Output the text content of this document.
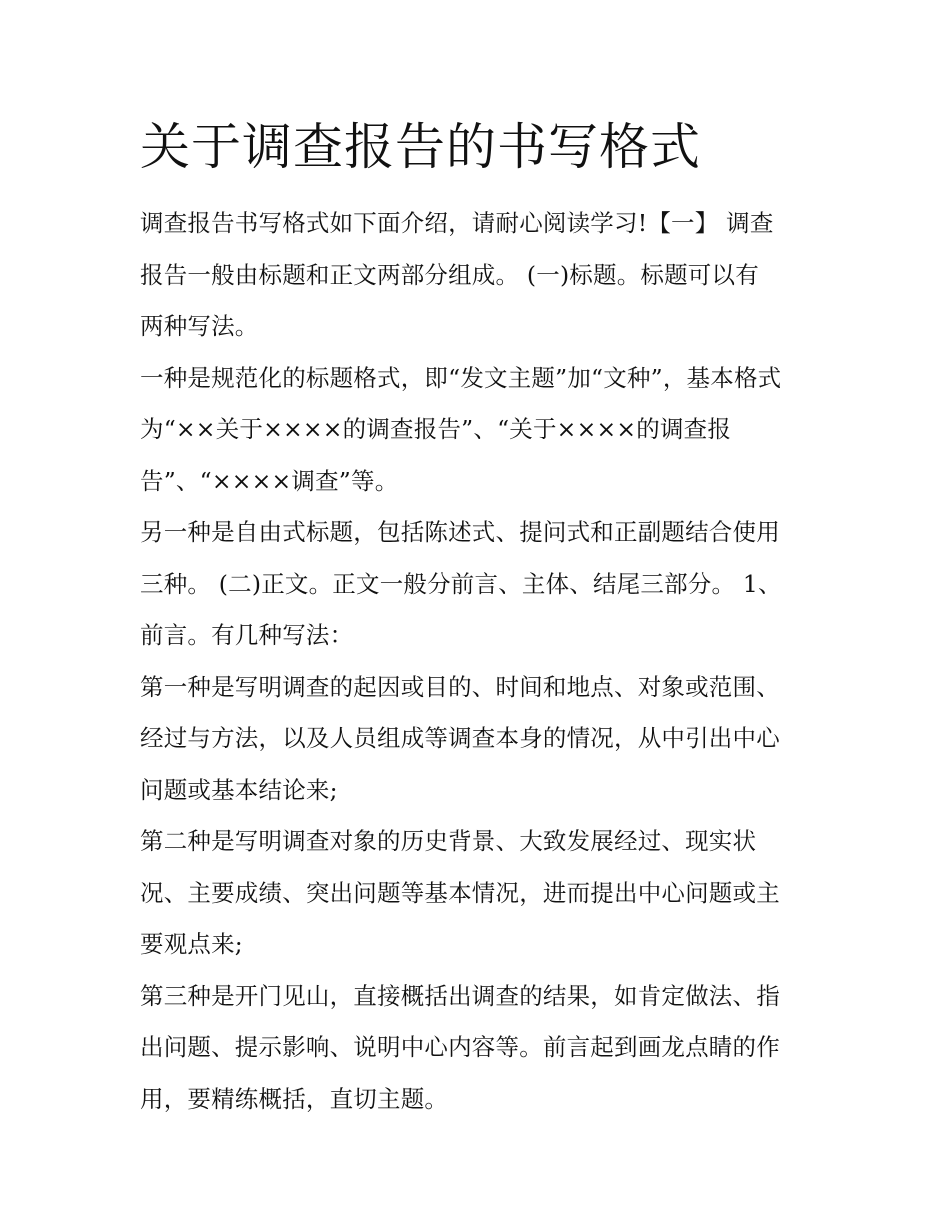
关于调查报告的书写格式
调查报告书写格式如下面介绍，请耐心阅读学习!【一】 调查
报告一般由标题和正文两部分组成。 (一)标题。标题可以有
两种写法。
一种是规范化的标题格式，即“发文主题”加“文种”，基本格式
为“××关于××××的调查报告”、“关于××××的调查报
告”、“××××调查”等。
另一种是自由式标题，包括陈述式、提问式和正副题结合使用
三种。 (二)正文。正文一般分前言、主体、结尾三部分。 1、
前言。有几种写法：
第一种是写明调查的起因或目的、时间和地点、对象或范围、
经过与方法，以及人员组成等调查本身的情况，从中引出中心
问题或基本结论来;
第二种是写明调查对象的历史背景、大致发展经过、现实状
况、主要成绩、突出问题等基本情况，进而提出中心问题或主
要观点来;
第三种是开门见山，直接概括出调查的结果，如肯定做法、指
出问题、提示影响、说明中心内容等。前言起到画龙点睛的作
用，要精练概括，直切主题。
